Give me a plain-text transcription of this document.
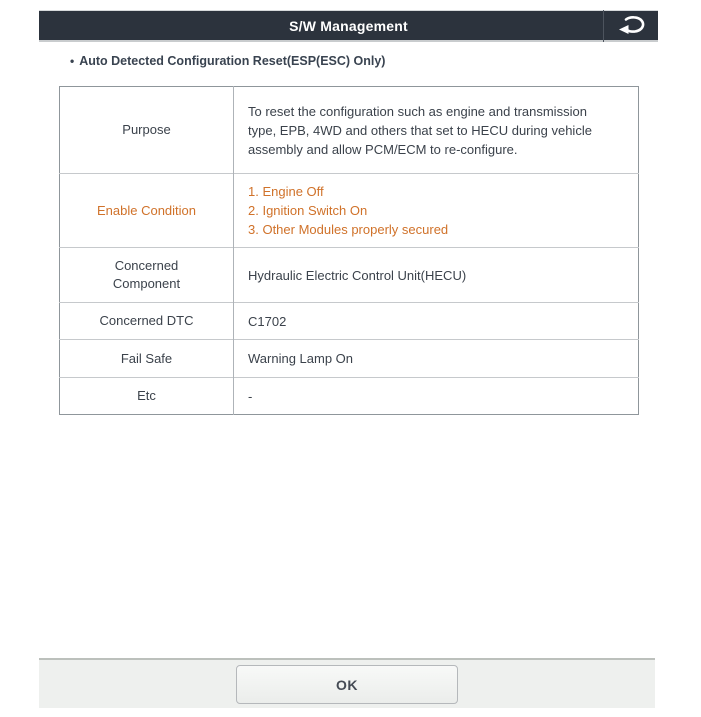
S/W Management
• Auto Detected Configuration Reset(ESP(ESC) Only)
Purpose	To reset the configuration such as engine and transmission type, EPB, 4WD and others that set to HECU during vehicle assembly and allow PCM/ECM to re-configure.

Enable Condition	1. Engine Off
2. Ignition Switch On
3. Other Modules properly secured

Concerned Component	Hydraulic Electric Control Unit(HECU)

Concerned DTC	C1702

Fail Safe	Warning Lamp On

Etc	-
OK
